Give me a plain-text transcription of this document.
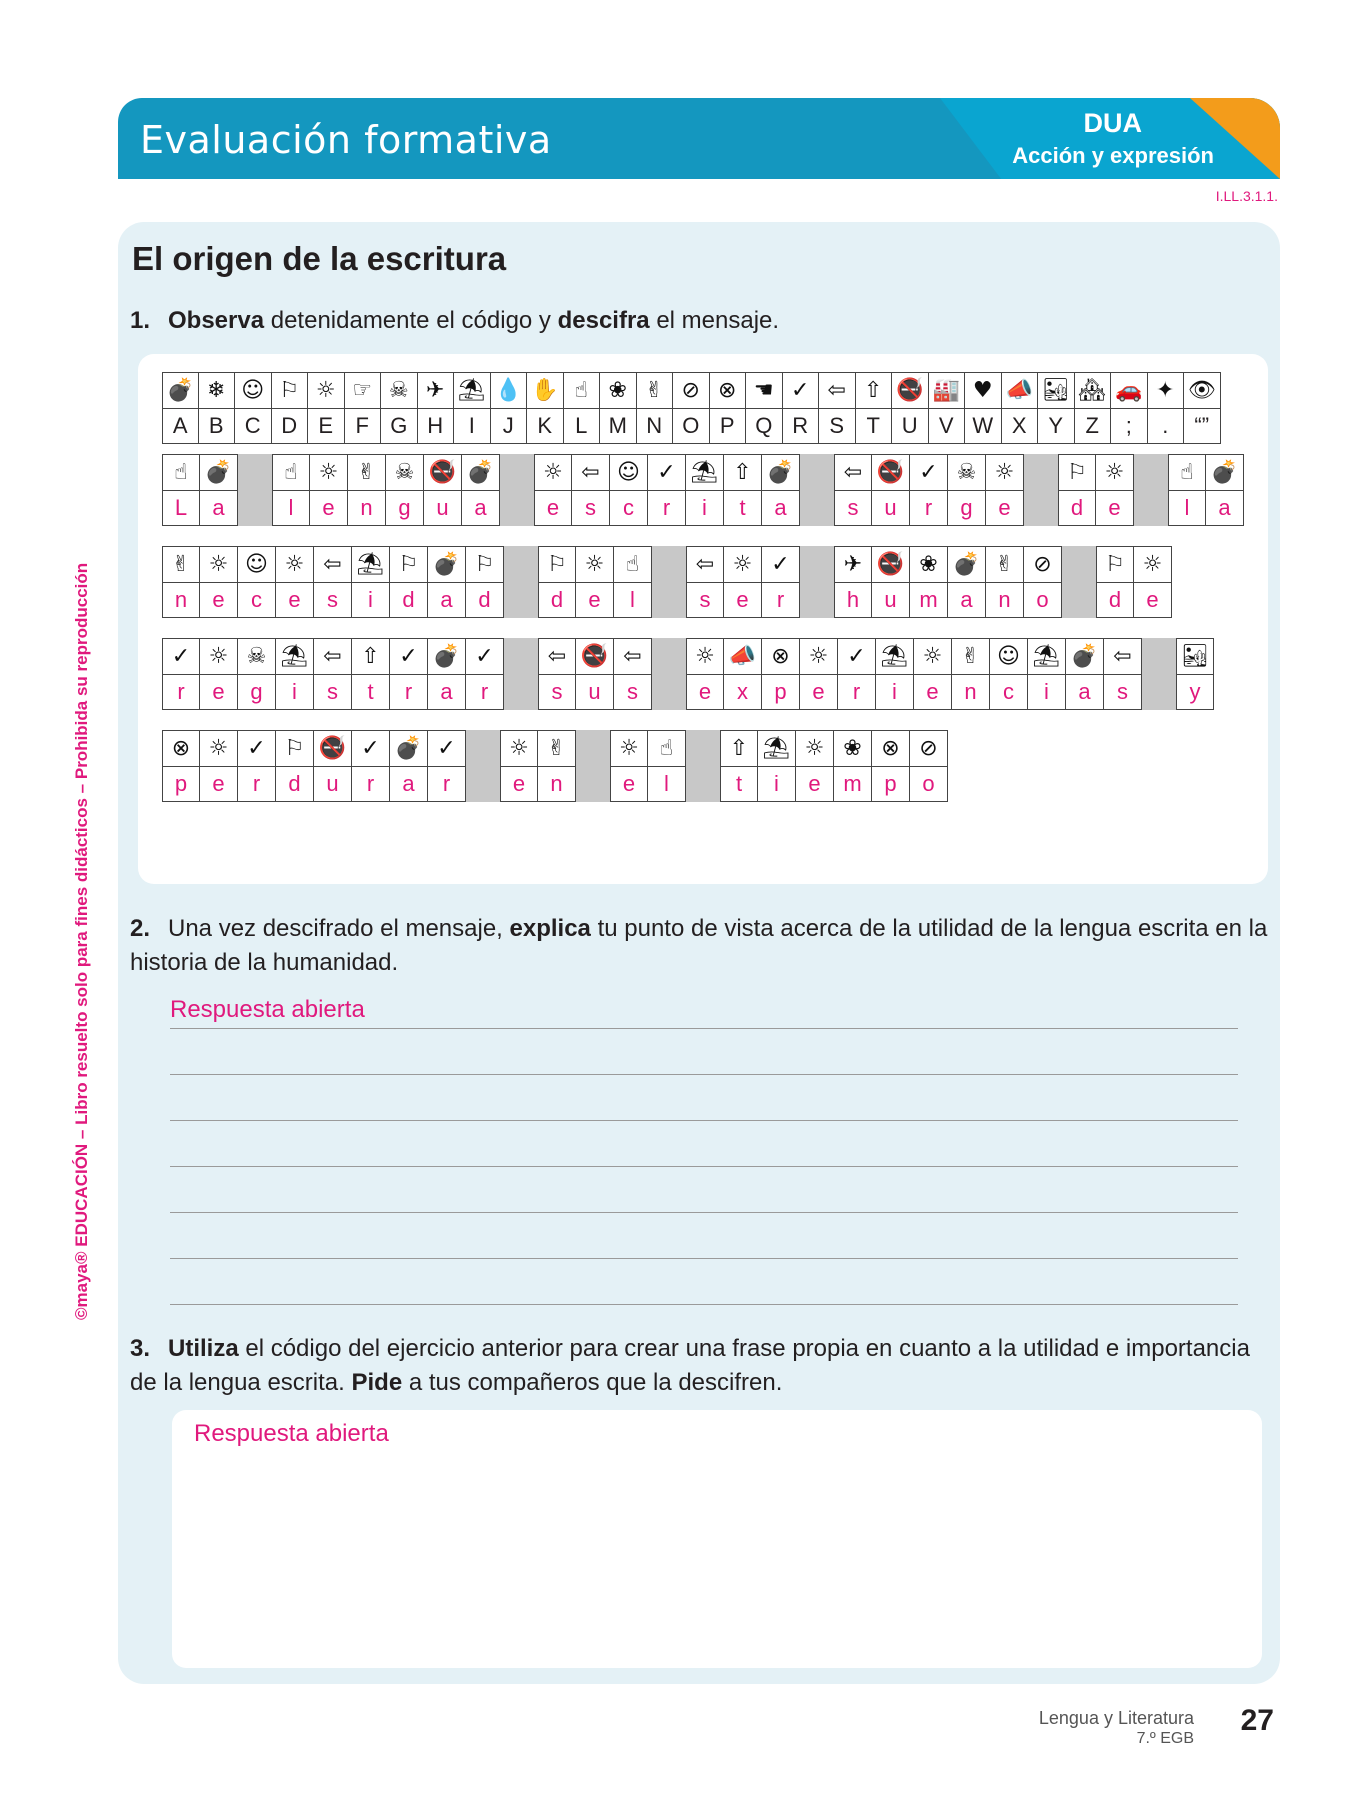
Evaluación formativa	DUA
Acción y expresión
I.LL.3.1.1.
©maya® EDUCACIÓN – Libro resuelto solo para fines didácticos – Prohibida su reproducción
El origen de la escritura
1. Observa detenidamente el código y descifra el mensaje.
💣
A
❄
B
☺
C
⚐
D
☼
E
☞
F
☠
G
✈
H
⛱
I
💧
J
✋
K
☝
L
❀
M
✌
N
⊘
O
⊗
P
☚
Q
✓
R
⇦
S
⇧
T
🚭
U
🏭
V
♥
W
📣
X
🏜
Y
🏘
Z
🚗
;
✦
.
👁
“”
☝
L
💣
a
☝
l
☼
e
✌
n
☠
g
🚭
u
💣
a
☼
e
⇦
s
☺
c
✓
r
⛱
i
⇧
t
💣
a
⇦
s
🚭
u
✓
r
☠
g
☼
e
⚐
d
☼
e
☝
l
💣
a
✌
n
☼
e
☺
c
☼
e
⇦
s
⛱
i
⚐
d
💣
a
⚐
d
⚐
d
☼
e
☝
l
⇦
s
☼
e
✓
r
✈
h
🚭
u
❀
m
💣
a
✌
n
⊘
o
⚐
d
☼
e
✓
r
☼
e
☠
g
⛱
i
⇦
s
⇧
t
✓
r
💣
a
✓
r
⇦
s
🚭
u
⇦
s
☼
e
📣
x
⊗
p
☼
e
✓
r
⛱
i
☼
e
✌
n
☺
c
⛱
i
💣
a
⇦
s
🏜
y
⊗
p
☼
e
✓
r
⚐
d
🚭
u
✓
r
💣
a
✓
r
☼
e
✌
n
☼
e
☝
l
⇧
t
⛱
i
☼
e
❀
m
⊗
p
⊘
o
2. Una vez descifrado el mensaje, explica tu punto de vista acerca de la utilidad de la lengua escrita en la historia de la humanidad.
3. Utiliza el código del ejercicio anterior para crear una frase propia en cuanto a la utilidad e importancia de la lengua escrita. Pide a tus compañeros que la descifren.
Respuesta abierta
Respuesta abierta
Lengua y Literatura
7.º EGB
27
